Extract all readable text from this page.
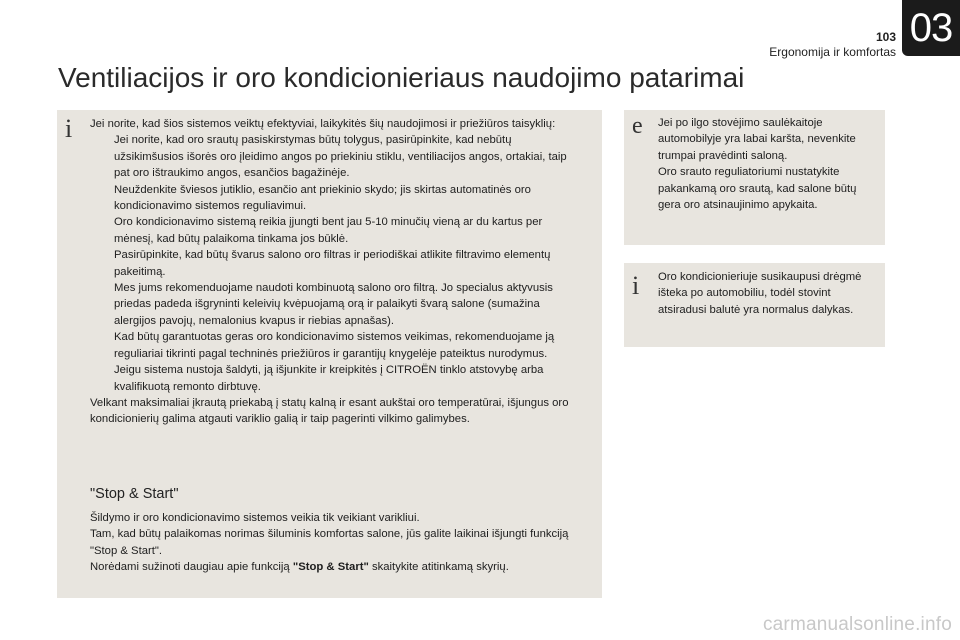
103
Ergonomija ir komfortas
03
Ventiliacijos ir oro kondicionieriaus naudojimo patarimai
i Jei norite, kad šios sistemos veiktų efektyviai, laikykitės šių naudojimosi ir priežiūros taisyklių:

Jei norite, kad oro srautų pasiskirstymas būtų tolygus, pasirūpinkite, kad nebūtų užsikimšusios išorės oro įleidimo angos po priekiniu stiklu, ventiliacijos angos, ortakiai, taip pat oro ištraukimo angos, esančios bagažinėje.
Neuždenkite šviesos jutiklio, esančio ant priekinio skydo; jis skirtas automatinės oro kondicionavimo sistemos reguliavimui.
Oro kondicionavimo sistemą reikia įjungti bent jau 5-10 minučių vieną ar du kartus per mėnesį, kad būtų palaikoma tinkama jos būklė.
Pasirūpinkite, kad būtų švarus salono oro filtras ir periodiškai atlikite filtravimo elementų pakeitimą.
Mes jums rekomenduojame naudoti kombinuotą salono oro filtrą. Jo specialus aktyvusis priedas padeda išgryninti keleivių kvėpuojamą orą ir palaikyti švarą salone (sumažina alergijos pavojų, nemalonius kvapus ir riebias apnašas).
Kad būtų garantuotas geras oro kondicionavimo sistemos veikimas, rekomenduojame ją reguliariai tikrinti pagal techninės priežiūros ir garantijų knygelėje pateiktus nurodymus.
Jeigu sistema nustoja šaldyti, ją išjunkite ir kreipkitės į CITROËN tinklo atstovybę arba kvalifikuotą remonto dirbtuvę.

Velkant maksimaliai įkrautą priekabą į statų kalną ir esant aukštai oro temperatūrai, išjungus oro kondicionierių galima atgauti variklio galią ir taip pagerinti vilkimo galimybes.

"Stop & Start"

Šildymo ir oro kondicionavimo sistemos veikia tik veikiant varikliui.

Tam, kad būtų palaikomas norimas šiluminis komfortas salone, jūs galite laikinai išjungti funkciją "Stop & Start".

Norėdami sužinoti daugiau apie funkciją "Stop & Start" skaitykite atitinkamą skyrių.

e Jei po ilgo stovėjimo saulėkaitoje automobilyje yra labai karšta, nevenkite trumpai pravėdinti saloną.

Oro srauto reguliatoriumi nustatykite pakankamą oro srautą, kad salone būtų gera oro atsinaujinimo apykaita.

i Oro kondicionieriuje susikaupusi drėgmė išteka po automobiliu, todėl stovint atsiradusi balutė yra normalus dalykas.

carmanualsonline.info
